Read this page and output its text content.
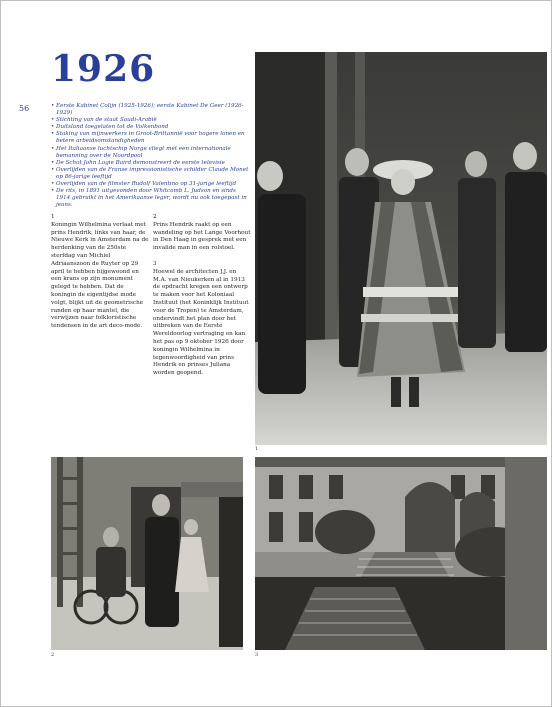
1926
56
•	Eerste Kabinet Colijn (1925-1926); eerste Kabinet De Geer (1926-1929)
• Stichting van de staat Saudi-Arabië
• Duitsland toegelaten tot de Volkenbond
• Staking van mijnwerkers in Groot-Brittannië voor hogere lonen en betere arbeidsomstandigheden
• Het Italiaanse luchtschip Norge vliegt met een internationale bemanning over de Noordpool
• De Schot John Logie Baird demonstreert de eerste televisie
• Overlijden van de Franse impressionistische schilder Claude Monet op 86-jarige leeftijd
• Overlijden van de filmster Rudolf Valentino op 31-jarige leeftijd
• De rits, in 1891 uitgevonden door Whitcomb L. Judson en sinds 1914 gebruikt in het Amerikaanse leger, wordt nu ook toegepast in jeans.

1
Koningin Wilhelmina verlaat met prins Hendrik, links van haar, de Nieuwe Kerk in Amsterdam na de herdenking van de 250ste sterfdag van Michiel Adriaanszoon de Ruyter op 29 april te hebben bijgewoond en een krans op zijn monument gelegd te hebben. Dat de koningin de eigentijdse mode volgt, blijkt uit de geometrische randen op haar mantel, die verwijzen naar folkloristische tendensen in de art deco-mode.

2
Prins Hendrik raakt op een wandeling op het Lange Voorhout in Den Haag in gesprek met een invalide man in een rolstoel.

3
Hoewel de architecten J.J. en M.A. van Nieukerken al in 1913 de opdracht kregen een ontwerp te maken voor het Koloniaal Instituut (het Koninklijk Instituut voor de Tropen) te Amsterdam, ondervindt het plan door het uitbreken van de Eerste Wereldoorlog vertraging en kan het pas op 9 oktober 1926 door koningin Wilhelmina in tegenwoordigheid van prins Hendrik en prinses Juliana worden geopend.

1
2	3
